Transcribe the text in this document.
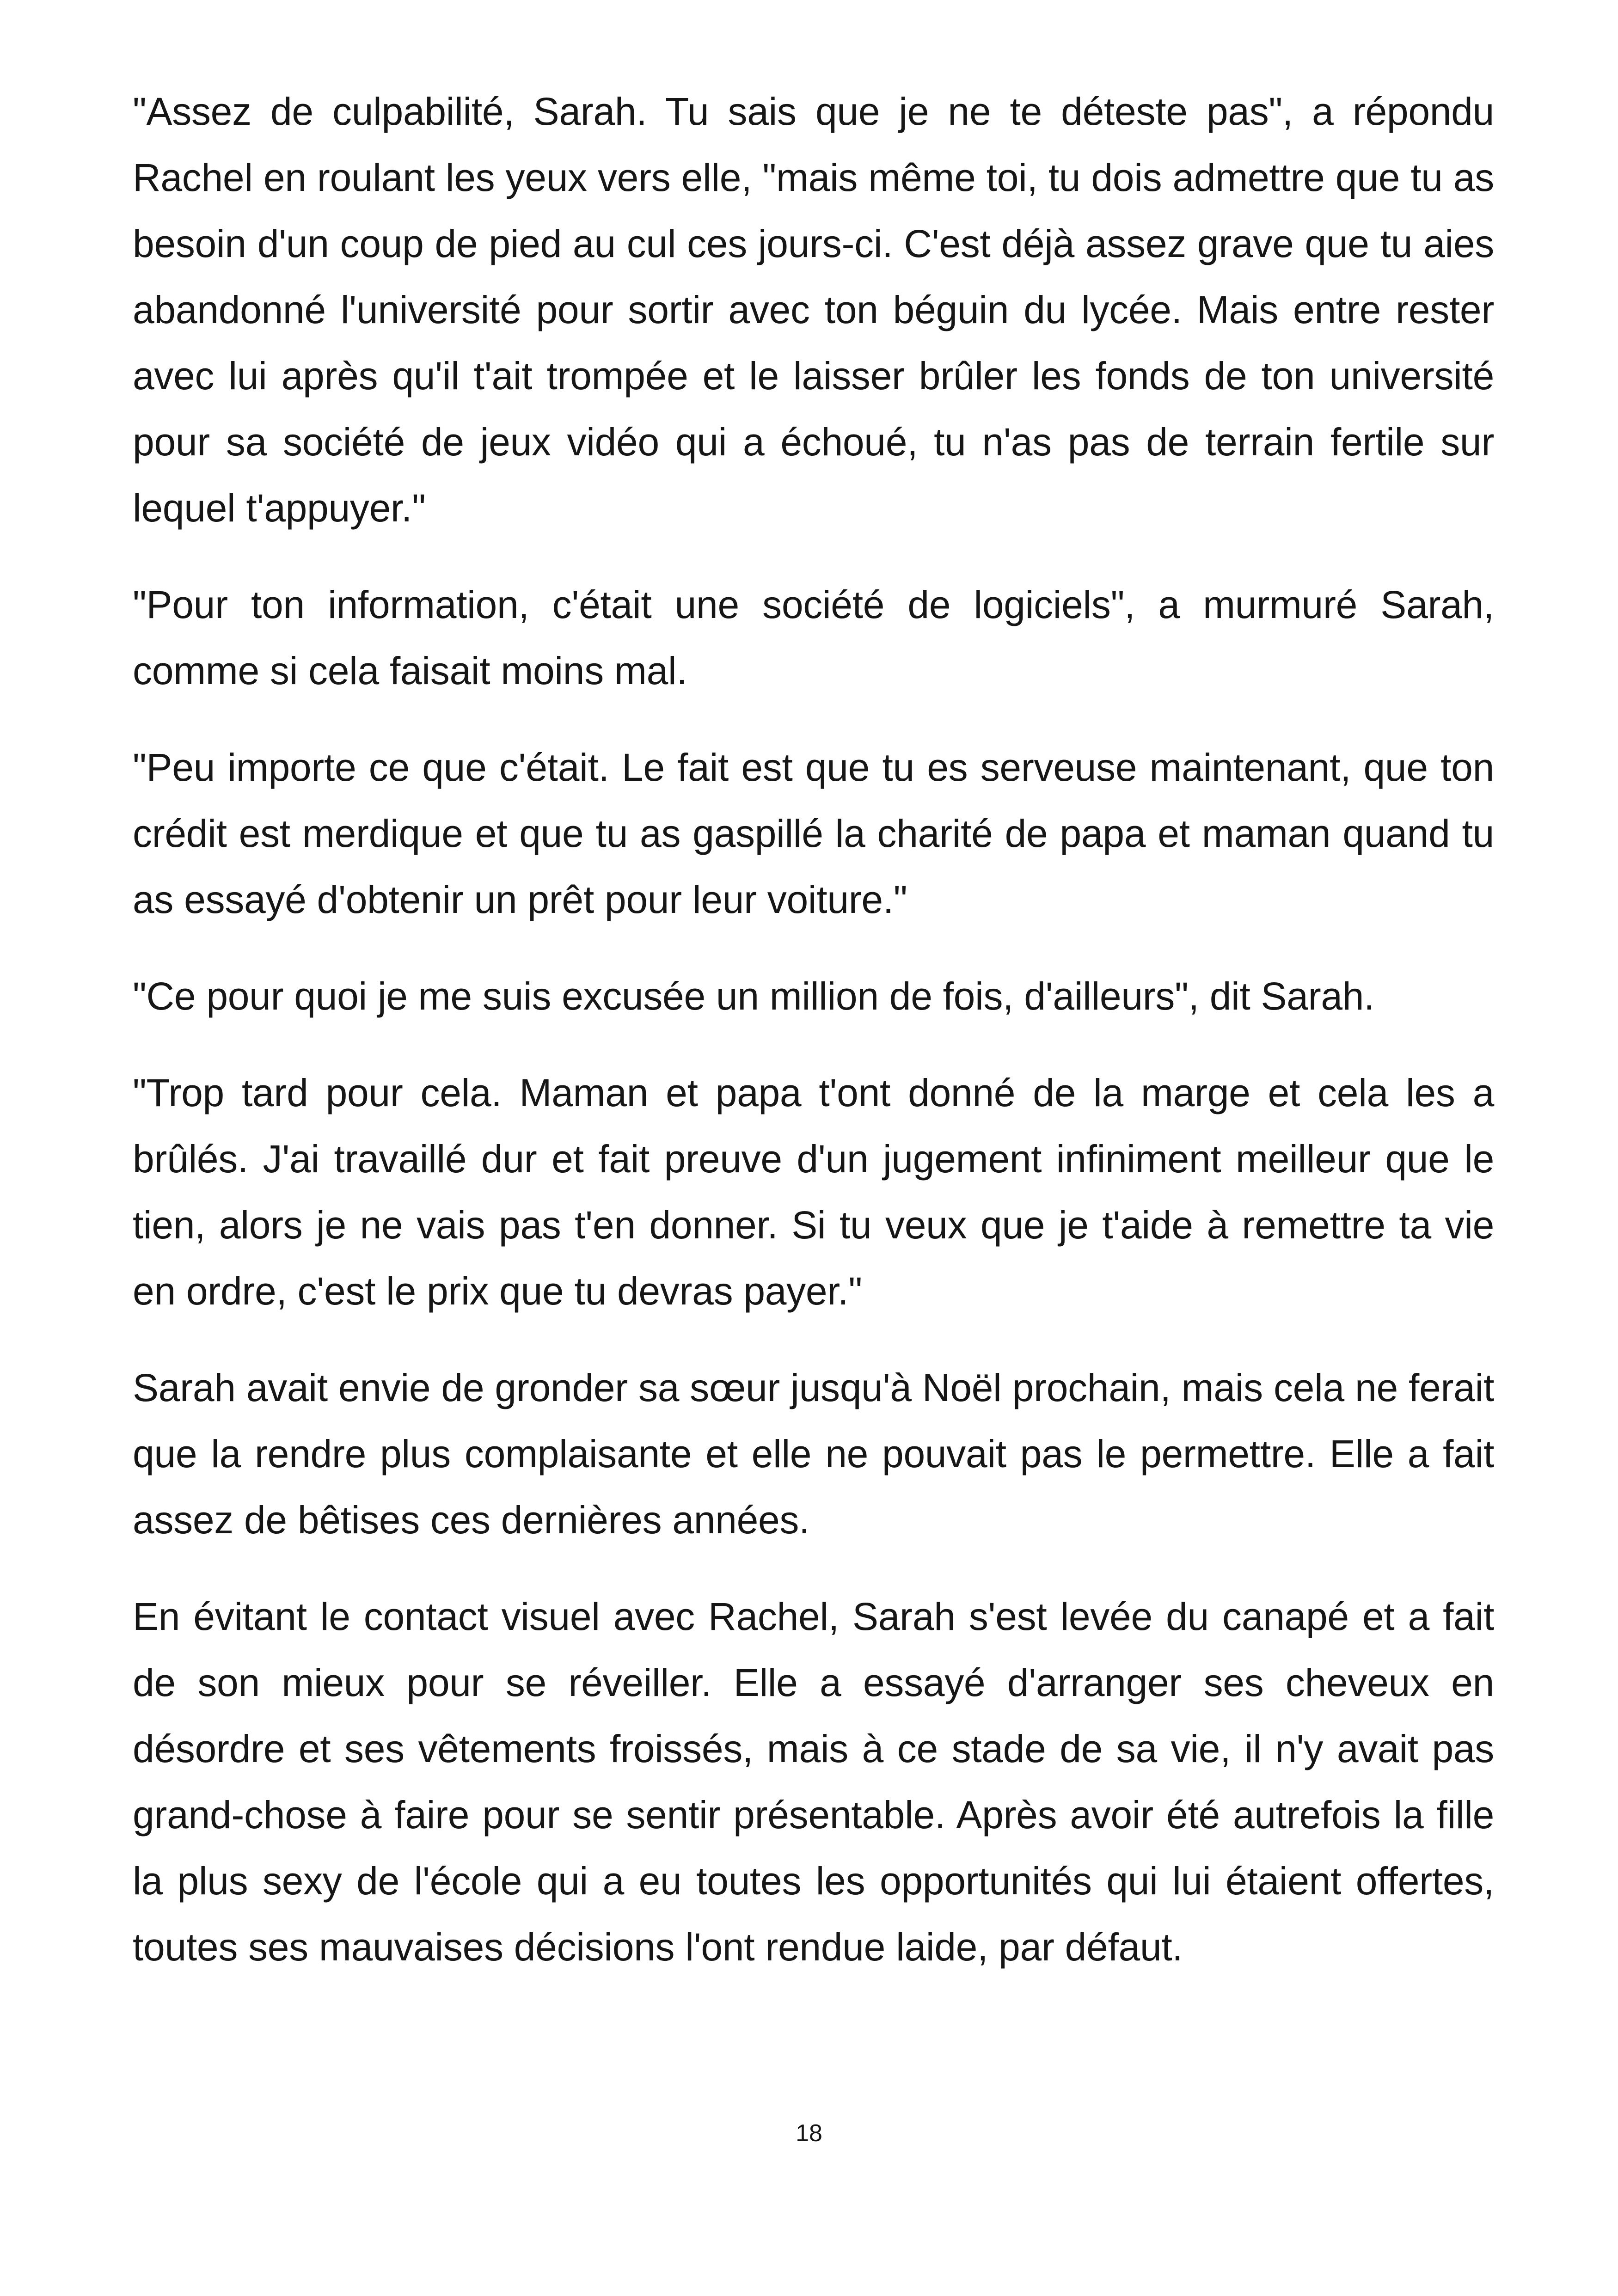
"Assez de culpabilité, Sarah. Tu sais que je ne te déteste pas", a répondu Rachel en roulant les yeux vers elle, "mais même toi, tu dois admettre que tu as besoin d'un coup de pied au cul ces jours-ci. C'est déjà assez grave que tu aies abandonné l'université pour sortir avec ton béguin du lycée. Mais entre rester avec lui après qu'il t'ait trompée et le laisser brûler les fonds de ton université pour sa société de jeux vidéo qui a échoué, tu n'as pas de terrain fertile sur lequel t'appuyer."

"Pour ton information, c'était une société de logiciels", a murmuré Sarah, comme si cela faisait moins mal.

"Peu importe ce que c'était. Le fait est que tu es serveuse maintenant, que ton crédit est merdique et que tu as gaspillé la charité de papa et maman quand tu as essayé d'obtenir un prêt pour leur voiture."

"Ce pour quoi je me suis excusée un million de fois, d'ailleurs", dit Sarah.

"Trop tard pour cela. Maman et papa t'ont donné de la marge et cela les a brûlés. J'ai travaillé dur et fait preuve d'un jugement infiniment meilleur que le tien, alors je ne vais pas t'en donner. Si tu veux que je t'aide à remettre ta vie en ordre, c'est le prix que tu devras payer."

Sarah avait envie de gronder sa sœur jusqu'à Noël prochain, mais cela ne ferait que la rendre plus complaisante et elle ne pouvait pas le permettre. Elle a fait assez de bêtises ces dernières années.

En évitant le contact visuel avec Rachel, Sarah s'est levée du canapé et a fait de son mieux pour se réveiller. Elle a essayé d'arranger ses cheveux en désordre et ses vêtements froissés, mais à ce stade de sa vie, il n'y avait pas grand-chose à faire pour se sentir présentable. Après avoir été autrefois la fille la plus sexy de l'école qui a eu toutes les opportunités qui lui étaient offertes, toutes ses mauvaises décisions l'ont rendue laide, par défaut.

18
